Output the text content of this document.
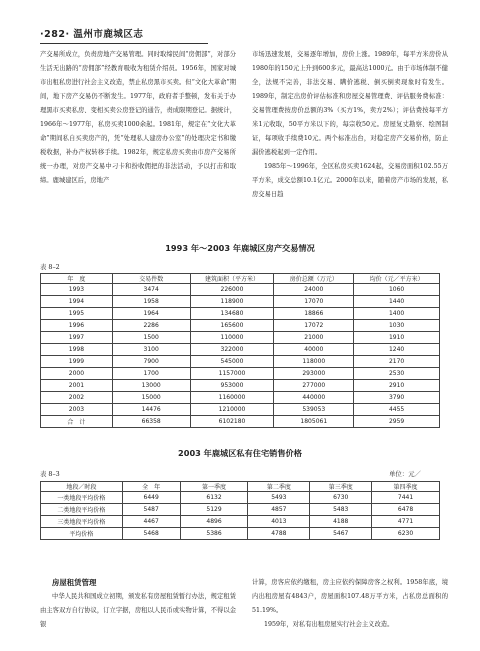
·282· 温州市鹿城区志

产交易所成立，负责房地产交易管理。同时取缔民间“房佣部”，对部分生活无出路的“房佣部”经教育吸收为租赁介绍员。1956年，国家对城市出租私房进行社会主义改造，禁止私房黑市买卖。但“文化大革命”期间，地下房产交易仍不断发生。1977年，政府者手整顿，发布关于办理黑市买卖私房、变相买卖公房登记的通告，责成限期登记。据统计，1966年～1977年，私房买卖1000余起。1981年，规定在“文化大革命”期间私自买卖房产的，凭“处理私人建房办公室”的处理决定书和缴税收据，补办产权转移手续。1982年，规定私房买卖由市房产交易所统一办理，对房产交易中刁卡和扮收佣把的非法活动，予以打击和取缔。鹿城建区后，房地产

市场迅速发展，交易逐年增加，房价上涨。1989年，每平方米房价从1980年的150元上升到600多元，最高达1000元。由于市场体制不健全，法规不完善，非法交易、瞒价逃税、倒买倒卖现象时有发生。1989年，制定出房价评估标准和房屋交易管理费、评估服务费标准：交易管理费按房价总额的3%（买方1%，卖方2%）；评估费按每平方米1元收取，50平方米以下的，每宗收50元。房屋复丈勘察、绘图制证，每项收手续费10元。两个标准出台，对稳定房产交易价格，防止漏价逃税起到一定作用。

1985年～1996年，全区私房买卖1624起，交易房面积102.55万平方米，成交总额10.1亿元。2000年以来，随着房产市场的发展，私房交易日趋

1993 年～2003 年鹿城区房产交易情况
表 8–2
年　度	交易件数	建筑面积（平方米）	房价总额（万元）	均价（元／平方米）
1993	3474	226000	24000	1060
1994	1958	118900	17070	1440
1995	1964	134680	18866	1400
1996	2286	165600	17072	1030
1997	1500	110000	21000	1910
1998	3100	322000	40000	1240
1999	7900	545000	118000	2170
2000	1700	1157000	293000	2530
2001	13000	953000	277000	2910
2002	15000	1160000	440000	3790
2003	14476	1210000	539053	4455
合　计	66358	6102180	1805061	2959
2003 年鹿城区私有住宅销售价格
表 8–3	单位：元／
地段／时段	全　年	第一季度	第二季度	第三季度	第四季度
一类地段平均价格	6449	6132	5493	6730	7441
二类地段平均价格	5487	5129	4857	5483	6478
三类地段平均价格	4467	4896	4013	4188	4771
平均价格	5468	5386	4788	5467	6230
房屋租赁管理

中华人民共和国成立初期，颁发私有房屋租赁暂行办法，规定租赁由主客双方自行协议，订立字据，房租以人民币或实物计算，不得以金银

计算，房客应依约缴租，房主应依约保障房客之权利。1958年底，境内出租房屋有4843户，房屋面积107.48万平方米，占私房总面积的51.19%。

1959年，对私有出租房屋实行社会主义改造。
